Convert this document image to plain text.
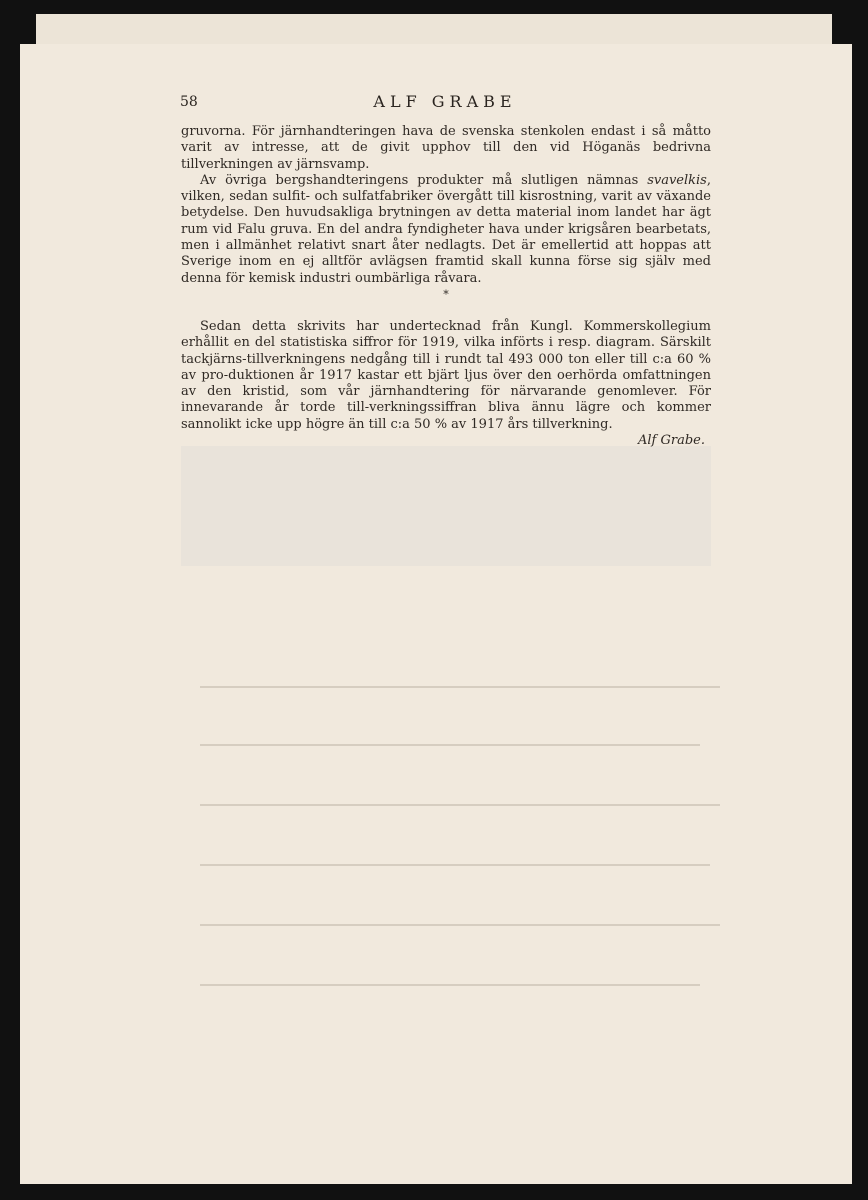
58	ALF GRABE

gruvorna. För järnhandteringen hava de svenska stenkolen endast i så måtto varit av intresse, att de givit upphov till den vid Höganäs bedrivna tillverkningen av järnsvamp.

Av övriga bergshandteringens produkter må slutligen nämnas svavelkis, vilken, sedan sulfit- och sulfatfabriker övergått till kisrostning, varit av växande betydelse. Den huvudsakliga brytningen av detta material inom landet har ägt rum vid Falu gruva. En del andra fyndigheter hava under krigsåren bearbetats, men i allmänhet relativt snart åter nedlagts. Det är emellertid att hoppas att Sverige inom en ej alltför avlägsen framtid skall kunna förse sig själv med denna för kemisk industri oumbärliga råvara.

*

Sedan detta skrivits har undertecknad från Kungl. Kommerskollegium erhållit en del statistiska siffror för 1919, vilka införts i resp. diagram. Särskilt tackjärns-tillverkningens nedgång till i rundt tal 493 000 ton eller till c:a 60 % av pro-duktionen år 1917 kastar ett bjärt ljus över den oerhörda omfattningen av den kristid, som vår järnhandtering för närvarande genomlever. För innevarande år torde till-verkningssiffran bliva ännu lägre och kommer sannolikt icke upp högre än till c:a 50 % av 1917 års tillverkning.

Alf Grabe.
